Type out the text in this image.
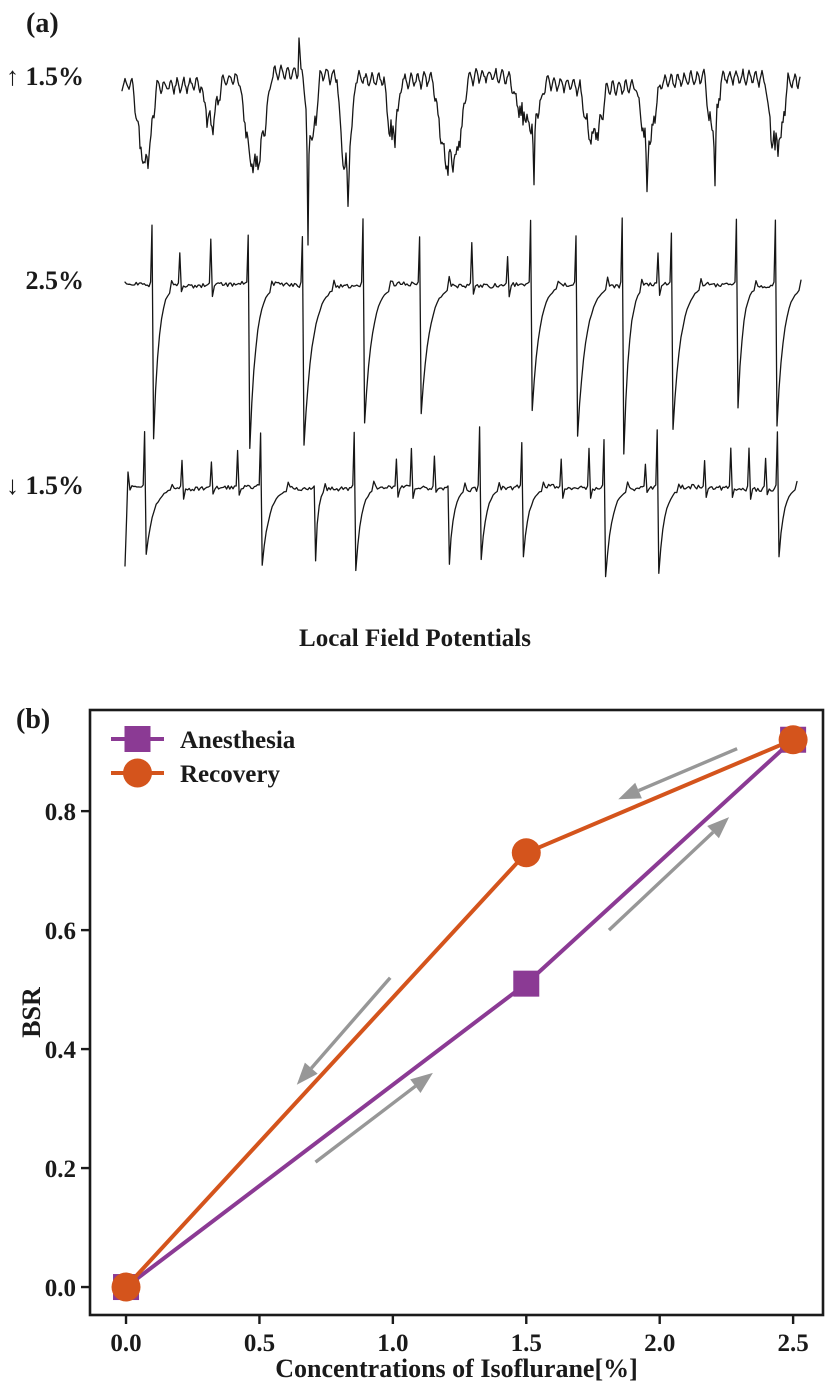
(a)
↑ 1.5%
2.5%
↓ 1.5%
Local Field Potentials
(b)
0.0	0.5	1.0	1.5	2.0	2.5
0.0
0.2
0.4
0.6
0.8
Concentrations of Isoflurane[%]
BSR
Anesthesia
Recovery
